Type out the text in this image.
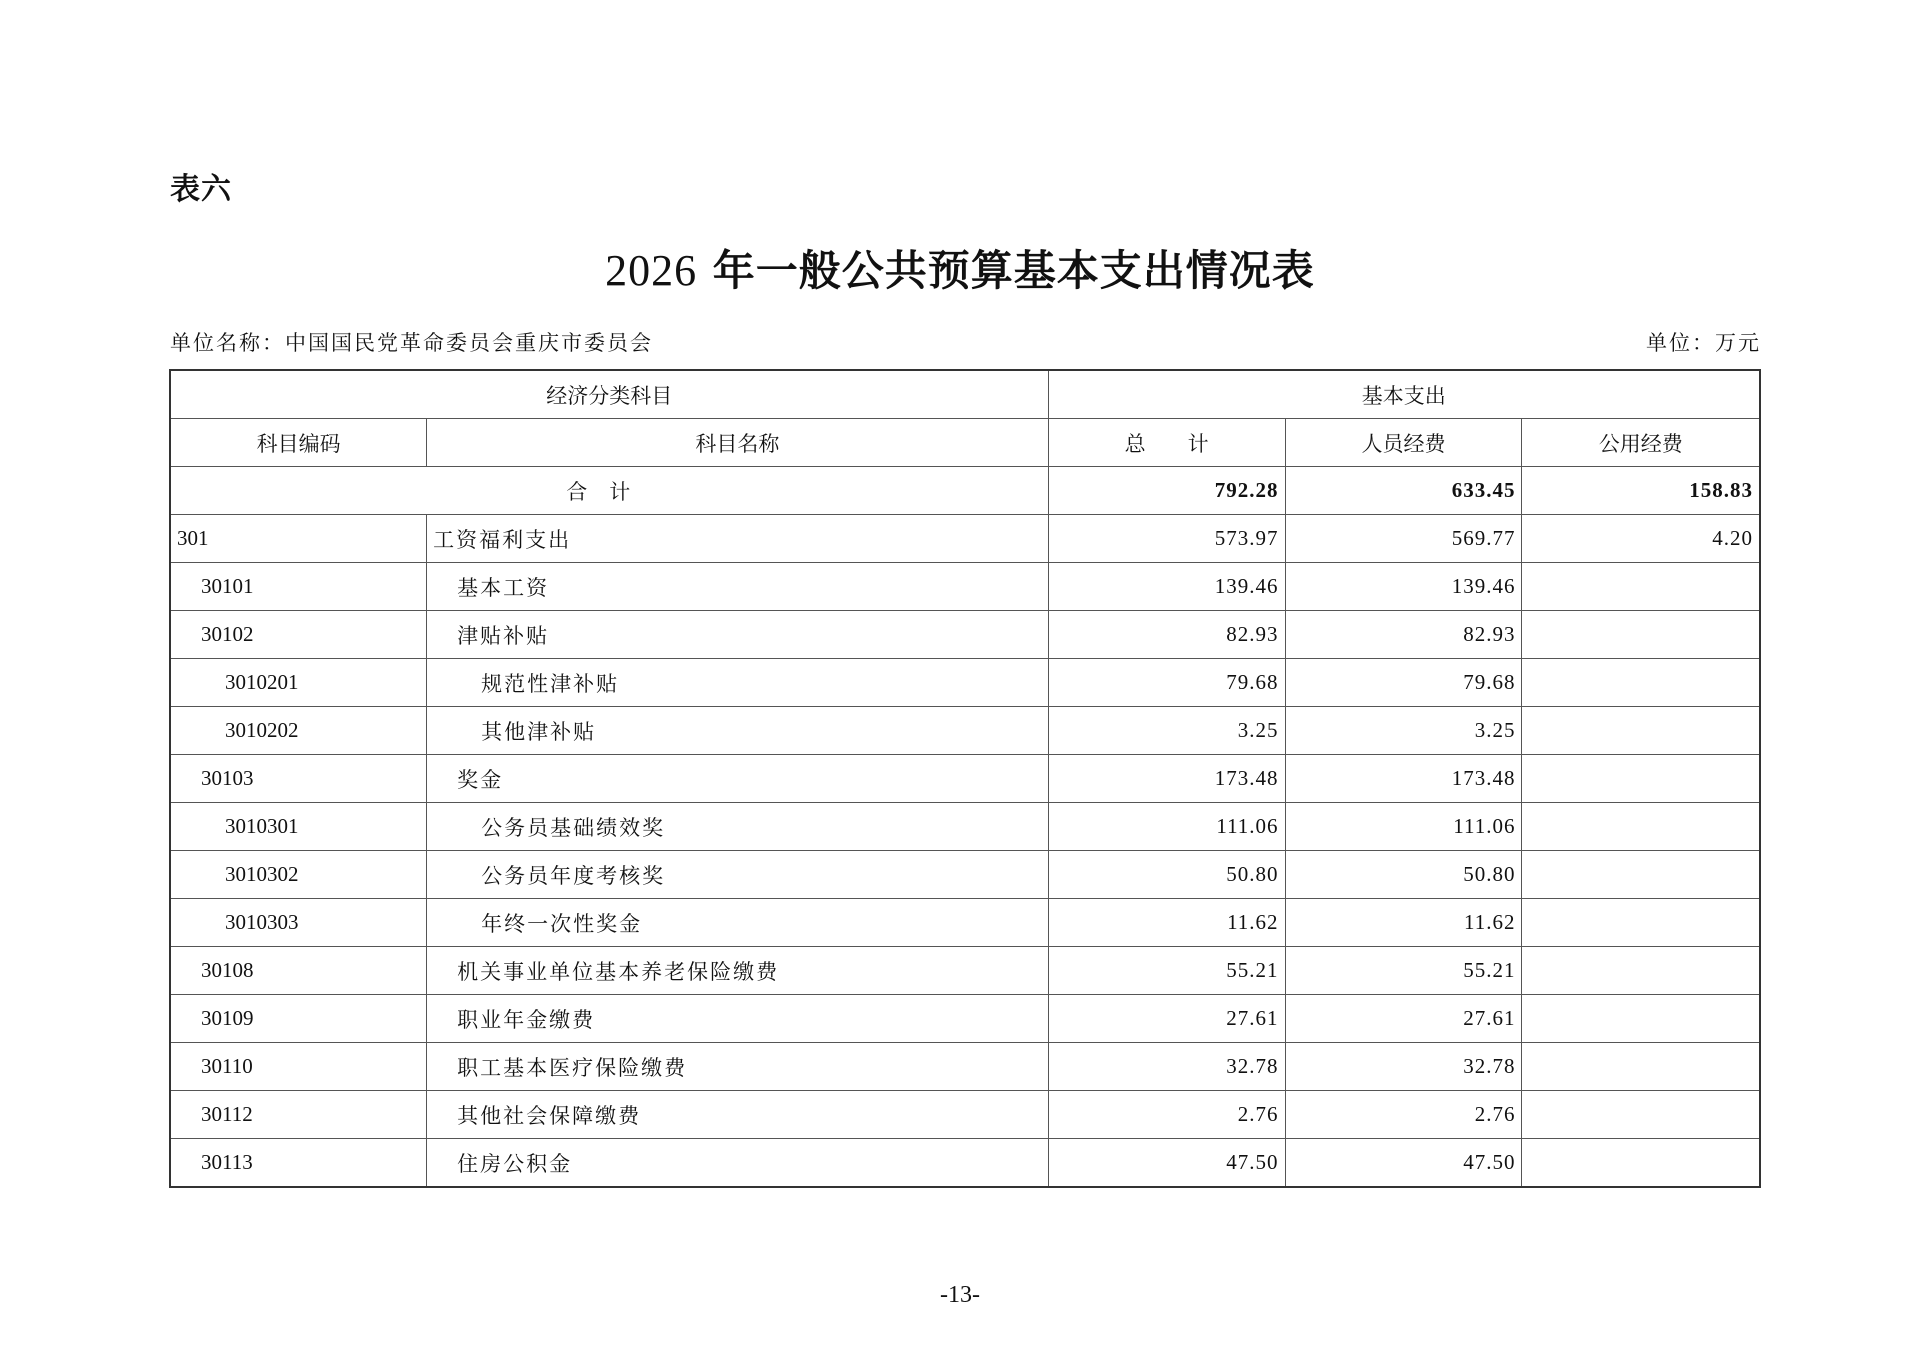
表六
2026 年一般公共预算基本支出情况表
单位名称：中国国民党革命委员会重庆市委员会	单位：万元
经济分类科目		基本支出		
科目编码	科目名称	总　　计	人员经费	公用经费
合计		792.28	633.45	158.83
301	工资福利支出	573.97	569.77	4.20
30101	基本工资	139.46	139.46	
30102	津贴补贴	82.93	82.93	
3010201	规范性津补贴	79.68	79.68	
3010202	其他津补贴	3.25	3.25	
30103	奖金	173.48	173.48	
3010301	公务员基础绩效奖	111.06	111.06	
3010302	公务员年度考核奖	50.80	50.80	
3010303	年终一次性奖金	11.62	11.62	
30108	机关事业单位基本养老保险缴费	55.21	55.21	
30109	职业年金缴费	27.61	27.61	
30110	职工基本医疗保险缴费	32.78	32.78	
30112	其他社会保障缴费	2.76	2.76	
30113	住房公积金	47.50	47.50	
-13-
